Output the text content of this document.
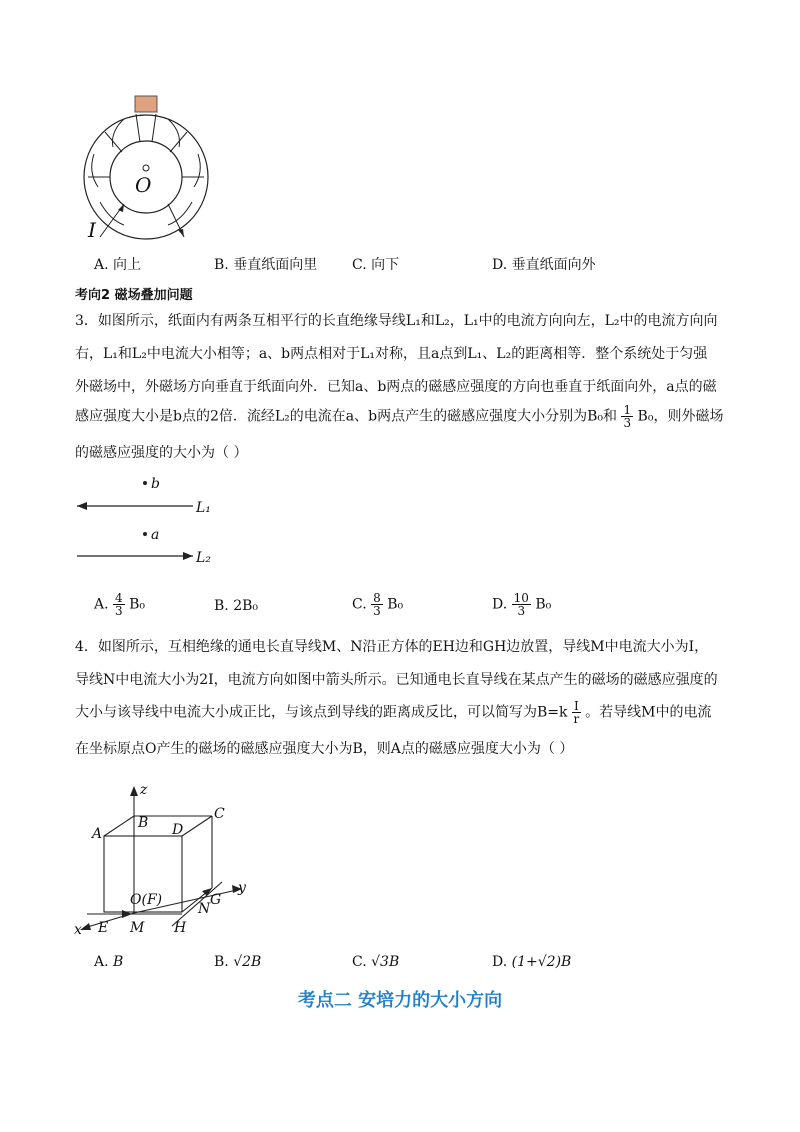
O
I
A. 向上	B. 垂直纸面向里 C. 向下	D. 垂直纸面向外
考向2 磁场叠加问题
3．如图所示，纸面内有两条互相平行的长直绝缘导线L₁和L₂，L₁中的电流方向向左，L₂中的电流方向向
右，L₁和L₂中电流大小相等；a、b两点相对于L₁对称，且a点到L₁、L₂的距离相等．整个系统处于匀强
外磁场中，外磁场方向垂直于纸面向外．已知a、b两点的磁感应强度的方向也垂直于纸面向外，a点的磁
感应强度大小是b点的2倍．流经L₂的电流在a、b两点产生的磁感应强度大小分别为B₀和 $\frac{1}{3} B_0$，则外磁场
的磁感应强度的大小为（ ）
b
a
L₁
L₂
A. $\frac{4}{3} B_0$	B. 2B₀	C. $\frac{8}{3} B_0$	D. $\frac{10}{3} B_0$
4．如图所示，互相绝缘的通电长直导线M、N沿正方体的EH边和GH边放置，导线M中电流大小为I，
导线N中电流大小为2I，电流方向如图中箭头所示。已知通电长直导线在某点产生的磁场的磁感应强度的
大小与该导线中电流大小成正比，与该点到导线的距离成反比，可以简写为$B=k \frac{I}{r}$ 。若导线M中的电流
在坐标原点O产生的磁场的磁感应强度大小为B，则A点的磁感应强度大小为（ ）
z
y
x
A
B
C
D
O(F)
E M H
N
G
A. B	B. √2B	C. √3B	D. (1+√2)B
考点二 安培力的大小方向
